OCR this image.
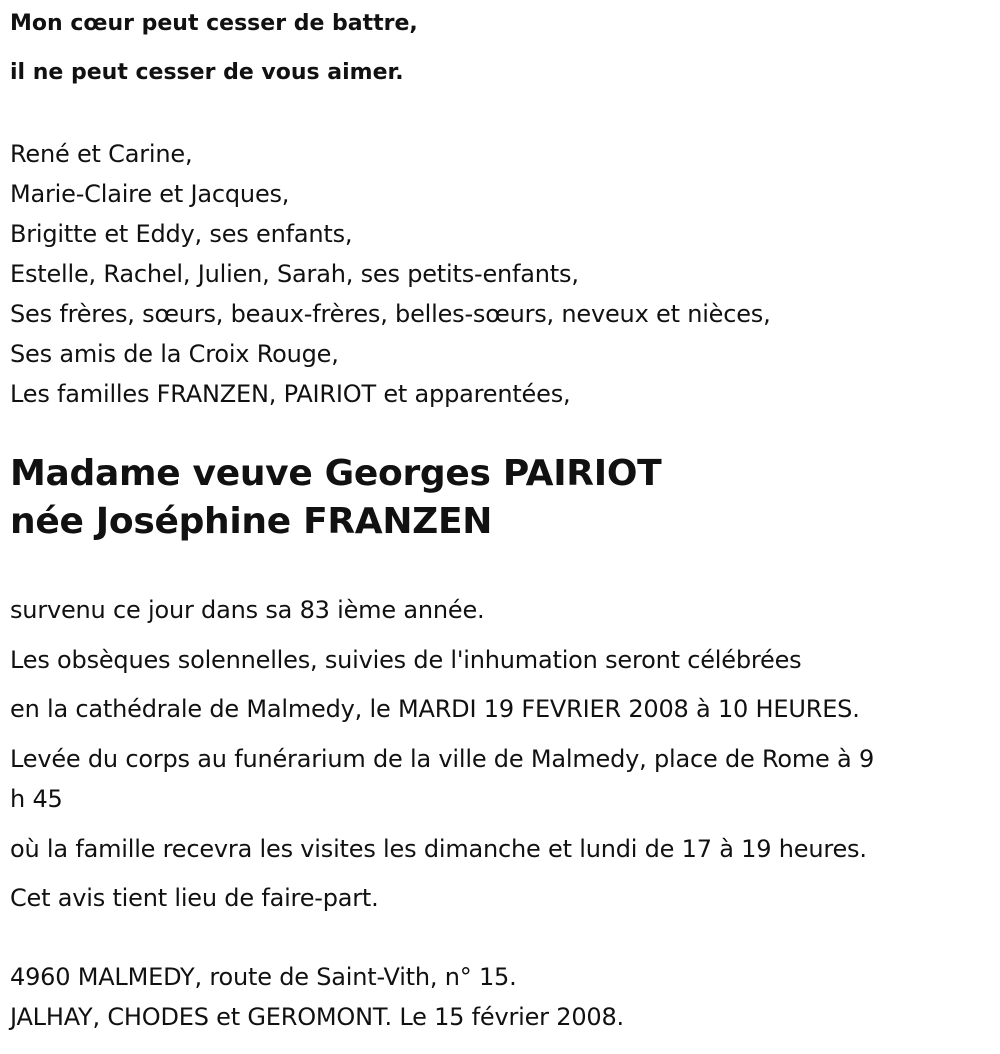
Mon cœur peut cesser de battre,

il ne peut cesser de vous aimer.

René et Carine,

Marie-Claire et Jacques,

Brigitte et Eddy, ses enfants,

Estelle, Rachel, Julien, Sarah, ses petits-enfants,

Ses frères, sœurs, beaux-frères, belles-sœurs, neveux et nièces,

Ses amis de la Croix Rouge,

Les familles FRANZEN, PAIRIOT et apparentées,

Madame veuve Georges PAIRIOT

née Joséphine FRANZEN

survenu ce jour dans sa 83 ième année.

Les obsèques solennelles, suivies de l'inhumation seront célébrées

en la cathédrale de Malmedy, le MARDI 19 FEVRIER 2008 à 10 HEURES.

Levée du corps au funérarium de la ville de Malmedy, place de Rome à 9

h 45

où la famille recevra les visites les dimanche et lundi de 17 à 19 heures.

Cet avis tient lieu de faire-part.

4960 MALMEDY, route de Saint-Vith, n° 15.

JALHAY, CHODES et GEROMONT. Le 15 février 2008.
